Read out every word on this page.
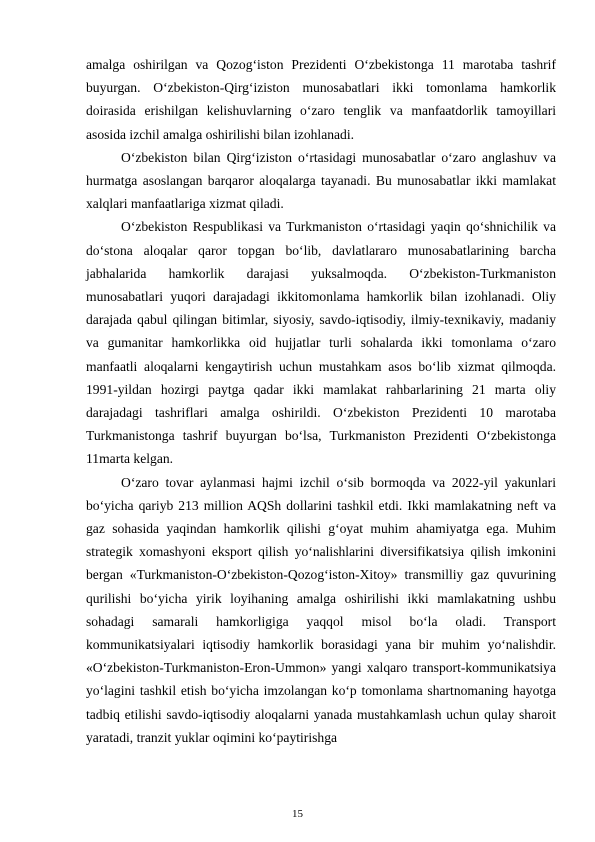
amalga oshirilgan va Qozog‘iston Prezidenti O‘zbekistonga 11 marotaba tashrif buyurgan. O‘zbekiston-Qirg‘iziston munosabatlari ikki tomonlama hamkorlik doirasida erishilgan kelishuvlarning o‘zaro tenglik va manfaatdorlik tamoyillari asosida izchil amalga oshirilishi bilan izohlanadi.

O‘zbekiston bilan Qirg‘iziston o‘rtasidagi munosabatlar o‘zaro anglashuv va hurmatga asoslangan barqaror aloqalarga tayanadi. Bu munosabatlar ikki mamlakat xalqlari manfaatlariga xizmat qiladi.

O‘zbekiston Respublikasi va Turkmaniston o‘rtasidagi yaqin qo‘shnichilik va do‘stona aloqalar qaror topgan bo‘lib, davlatlararo munosabatlarining barcha jabhalarida hamkorlik darajasi yuksalmoqda. O‘zbekiston-Turkmaniston munosabatlari yuqori darajadagi ikkitomonlama hamkorlik bilan izohlanadi. Oliy darajada qabul qilingan bitimlar, siyosiy, savdo-iqtisodiy, ilmiy-texnikaviy, madaniy va gumanitar hamkorlikka oid hujjatlar turli sohalarda ikki tomonlama o‘zaro manfaatli aloqalarni kengaytirish uchun mustahkam asos bo‘lib xizmat qilmoqda. 1991-yildan hozirgi paytga qadar ikki mamlakat rahbarlarining 21 marta oliy darajadagi tashriflari amalga oshirildi. O‘zbekiston Prezidenti 10 marotaba Turkmanistonga tashrif buyurgan bo‘lsa, Turkmaniston Prezidenti O‘zbekistonga 11marta kelgan.

O‘zaro tovar aylanmasi hajmi izchil o‘sib bormoqda va 2022-yil yakunlari bo‘yicha qariyb 213 million AQSh dollarini tashkil etdi. Ikki mamlakatning neft va gaz sohasida yaqindan hamkorlik qilishi g‘oyat muhim ahamiyatga ega. Muhim strategik xomashyoni eksport qilish yo‘nalishlarini diversifikatsiya qilish imkonini bergan «Turkmaniston-O‘zbekiston-Qozog‘iston-Xitoy» transmilliy gaz quvurining qurilishi bo‘yicha yirik loyihaning amalga oshirilishi ikki mamlakatning ushbu sohadagi samarali hamkorligiga yaqqol misol bo‘la oladi. Transport kommunikatsiyalari iqtisodiy hamkorlik borasidagi yana bir muhim yo‘nalishdir. «O‘zbekiston-Turkmaniston-Eron-Ummon» yangi xalqaro transport-kommunikatsiya yo‘lagini tashkil etish bo‘yicha imzolangan ko‘p tomonlama shartnomaning hayotga tadbiq etilishi savdo-iqtisodiy aloqalarni yanada mustahkamlash uchun qulay sharoit yaratadi, tranzit yuklar oqimini ko‘paytirishga

15
